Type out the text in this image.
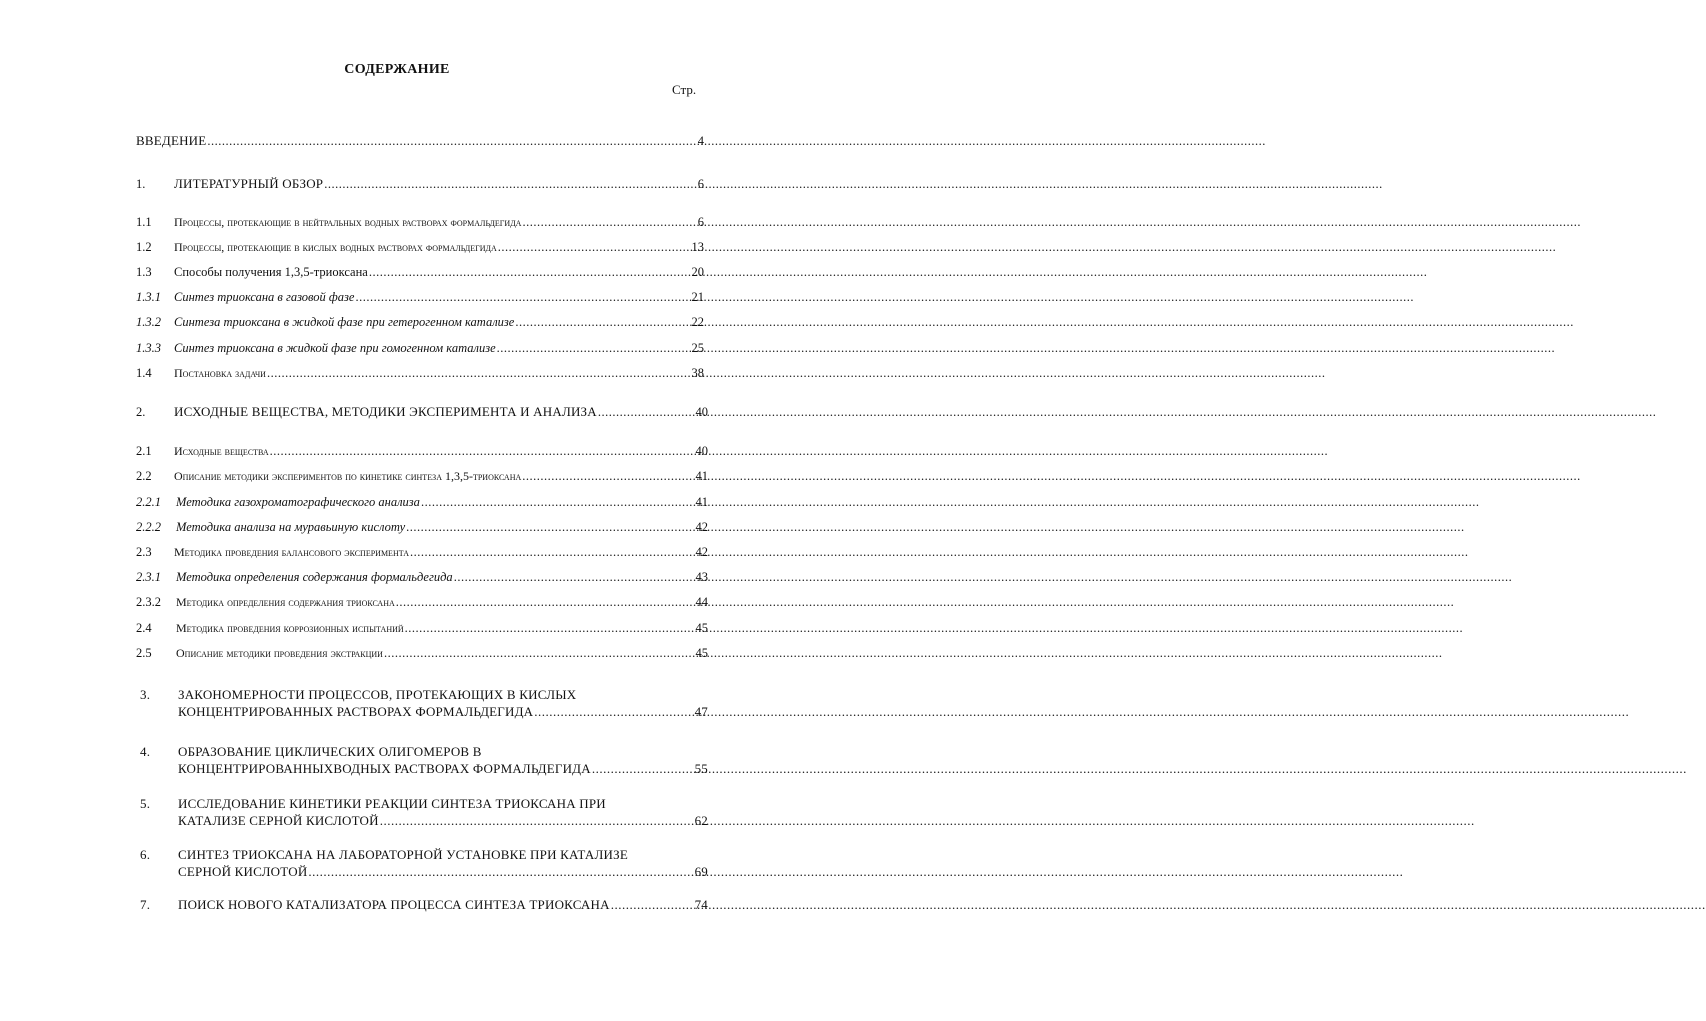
СОДЕРЖАНИЕ
Стр.
ВВЕДЕНИЕ .....	4
1.	ЛИТЕРАТУРНЫЙ ОБЗОР .....	6
1.1	Процессы, протекающие в нейтральных водных растворах формальдегида .....	6
1.2	Процессы, протекающие в кислых водных растворах формальдегида .....	13
1.3	Способы получения 1,3,5-триоксана .....	20
1.3.1	Синтез триоксана в газовой фазе .....	21
1.3.2	Синтеза триоксана в жидкой фазе при гетерогенном катализе .....	22
1.3.3	Синтез триоксана в жидкой фазе при гомогенном катализе .....	25
1.4	Постановка задачи .....	38
2.	ИСХОДНЫЕ ВЕЩЕСТВА, МЕТОДИКИ ЭКСПЕРИМЕНТА И АНАЛИЗА .....	40
2.1	Исходные вещества .....	40
2.2	Описание методики экспериментов по кинетике синтеза 1,3,5-триоксана .....	41
2.2.1	Методика газохроматографического анализа .....	41
2.2.2	Методика анализа на муравьиную кислоту .....	42
2.3	Методика проведения балансового эксперимента .....	42
2.3.1	Методика определения содержания формальдегида .....	43
2.3.2	Методика определения содержания триоксана .....	44
2.4	Методика проведения коррозионных испытаний .....	45
2.5	Описание методики проведения экстракции .....	45
3.	ЗАКОНОМЕРНОСТИ ПРОЦЕССОВ, ПРОТЕКАЮЩИХ В КИСЛЫХ
КОНЦЕНТРИРОВАННЫХ РАСТВОРАХ ФОРМАЛЬДЕГИДА .....	47
4.	ОБРАЗОВАНИЕ ЦИКЛИЧЕСКИХ ОЛИГОМЕРОВ В
КОНЦЕНТРИРОВАННЫХВОДНЫХ РАСТВОРАХ ФОРМАЛЬДЕГИДА .....	55
5.	ИССЛЕДОВАНИЕ КИНЕТИКИ РЕАКЦИИ СИНТЕЗА ТРИОКСАНА ПРИ
КАТАЛИЗЕ СЕРНОЙ КИСЛОТОЙ .....	62
6.	СИНТЕЗ ТРИОКСАНА НА ЛАБОРАТОРНОЙ УСТАНОВКЕ ПРИ КАТАЛИЗЕ
СЕРНОЙ КИСЛОТОЙ .....	69
7.	ПОИСК НОВОГО КАТАЛИЗАТОРА ПРОЦЕССА СИНТЕЗА ТРИОКСАНА .....	74
